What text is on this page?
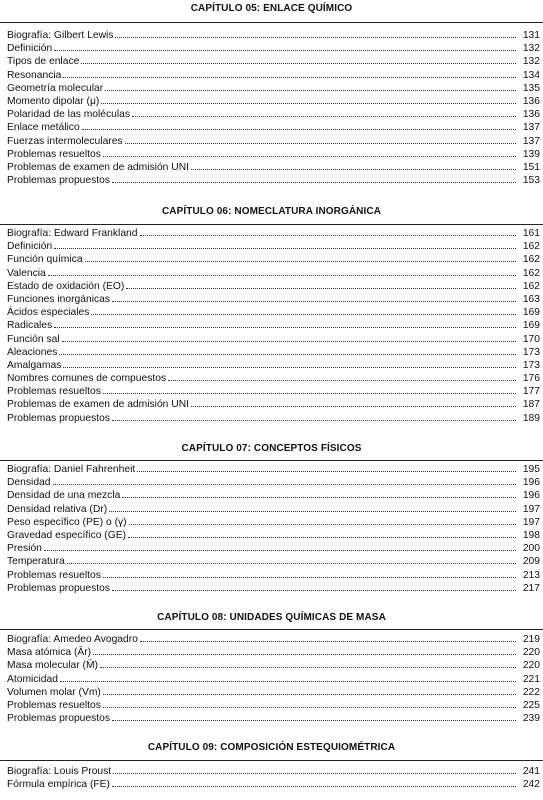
CAPÍTULO 05: ENLACE QUÍMICO
Biografía: Gilbert Lewis	131
Definición	132
Tipos de enlace	132
Resonancia	134
Geometría molecular	135
Momento dipolar (μ)	136
Polaridad de las moléculas	136
Enlace metálico	137
Fuerzas intermoleculares	137
Problemas resueltos	139
Problemas de examen de admisión UNI	151
Problemas propuestos	153
CAPÍTULO 06: NOMECLATURA INORGÁNICA
Biografía: Edward Frankland	161
Definición	162
Función química	162
Valencia	162
Estado de oxidación (EO)	162
Funciones inorgánicas	163
Ácidos especiales	169
Radicales	169
Función sal	170
Aleaciones	173
Amalgamas	173
Nombres comunes de compuestos	176
Problemas resueltos	177
Problemas de examen de admisión UNI	187
Problemas propuestos	189
CAPÍTULO 07: CONCEPTOS FÍSICOS
Biografía: Daniel Fahrenheit	195
Densidad	196
Densidad de una mezcla	196
Densidad relativa (Dr)	197
Peso específico (PE) o (γ)	197
Gravedad específico (GE)	198
Presión	200
Temperatura	209
Problemas resueltos	213
Problemas propuestos	217
CAPÍTULO 08: UNIDADES QUÍMICAS DE MASA
Biografía: Amedeo Avogadro	219
Masa atómica (Ār)	220
Masa molecular (M̄)	220
Atomicidad	221
Volumen molar (Vm)	222
Problemas resueltos	225
Problemas propuestos	239
CAPÍTULO 09: COMPOSICIÓN ESTEQUIOMÉTRICA
Biografía: Louis Proust	241
Fórmula empírica (FE)	242
